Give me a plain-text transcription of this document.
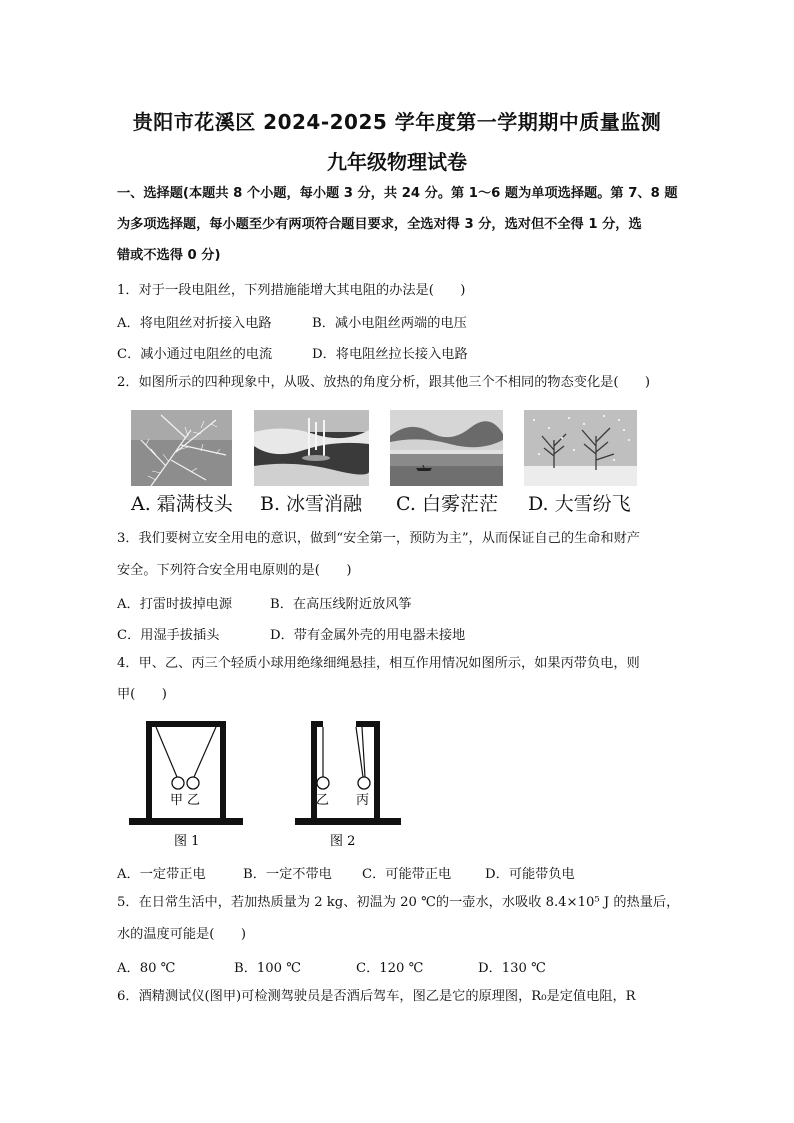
贵阳市花溪区 2024-2025 学年度第一学期期中质量监测
九年级物理试卷
一、选择题(本题共 8 个小题，每小题 3 分，共 24 分。第 1～6 题为单项选择题。第 7、8 题
为多项选择题，每小题至少有两项符合题目要求，全选对得 3 分，选对但不全得 1 分，选
错或不选得 0 分)
1．对于一段电阻丝，下列措施能增大其电阻的办法是(　　)
A．将电阻丝对折接入电路	B．减小电阻丝两端的电压
C．减小通过电阻丝的电流	D．将电阻丝拉长接入电路
2．如图所示的四种现象中，从吸、放热的角度分析，跟其他三个不相同的物态变化是(　　)
A. 霜满枝头 B. 冰雪消融 C. 白雾茫茫 D. 大雪纷飞
3．我们要树立安全用电的意识，做到“安全第一，预防为主”，从而保证自己的生命和财产
安全。下列符合安全用电原则的是(　　)
A．打雷时拔掉电源	B．在高压线附近放风筝
C．用湿手拔插头	D．带有金属外壳的用电器未接地
4．甲、乙、丙三个轻质小球用绝缘细绳悬挂，相互作用情况如图所示，如果丙带负电，则
甲(　　)
甲 乙
图 1
乙 丙
图 2
A．一定带正电	B．一定不带电 C．可能带正电	D．可能带负电
5．在日常生活中，若加热质量为 2 kg、初温为 20 ℃的一壶水，水吸收 8.4×10⁵ J 的热量后，
水的温度可能是(　　)
A．80 ℃	B．100 ℃	C．120 ℃	D．130 ℃
6．酒精测试仪(图甲)可检测驾驶员是否酒后驾车，图乙是它的原理图，R₀是定值电阻，R
